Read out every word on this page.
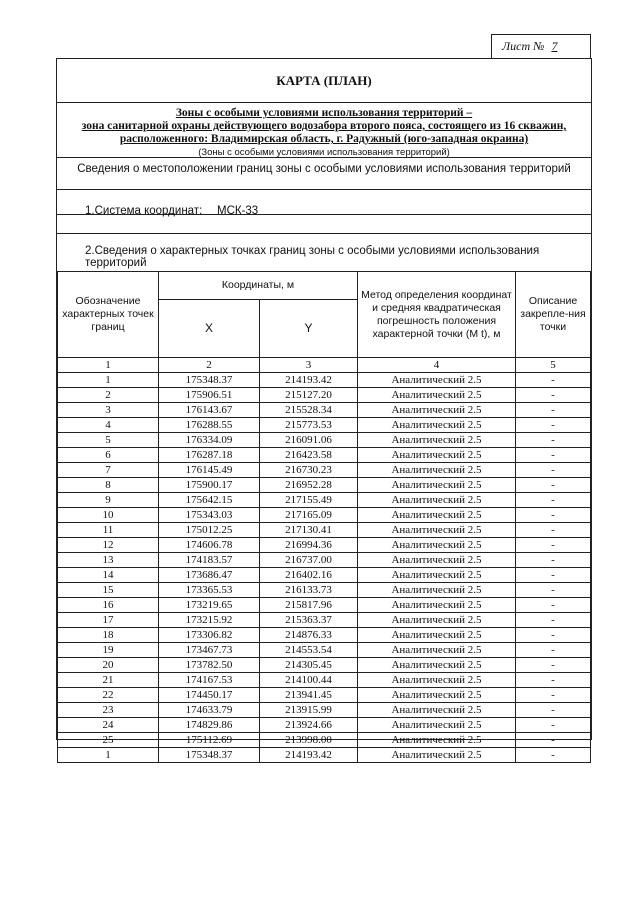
Лист № 7
КАРТА (ПЛАН)
Зоны с особыми условиями использования территорий –
зона санитарной охраны действующего водозабора второго пояса, состоящего из 16 скважин,
расположенного: Владимирская область, г. Радужный (юго-западная окраина)
(Зоны с особыми условиями использования территорий)
Сведения о местоположении границ зоны с особыми условиями использования территорий
1.Система координат: МСК-33
2.Сведения о характерных точках границ зоны с особыми условиями использования территорий
Обозначение характерных точек границ	Координаты, м		Метод определения координат и средняя квадратическая погрешность положения характерной точки (M t), м	Описание закрепле-ния точки
	X	Y		
1	2	3	4	5
1	175348.37	214193.42	Аналитический 2.5	-
2	175906.51	215127.20	Аналитический 2.5	-
3	176143.67	215528.34	Аналитический 2.5	-
4	176288.55	215773.53	Аналитический 2.5	-
5	176334.09	216091.06	Аналитический 2.5	-
6	176287.18	216423.58	Аналитический 2.5	-
7	176145.49	216730.23	Аналитический 2.5	-
8	175900.17	216952.28	Аналитический 2.5	-
9	175642.15	217155.49	Аналитический 2.5	-
10	175343.03	217165.09	Аналитический 2.5	-
11	175012.25	217130.41	Аналитический 2.5	-
12	174606.78	216994.36	Аналитический 2.5	-
13	174183.57	216737.00	Аналитический 2.5	-
14	173686.47	216402.16	Аналитический 2.5	-
15	173365.53	216133.73	Аналитический 2.5	-
16	173219.65	215817.96	Аналитический 2.5	-
17	173215.92	215363.37	Аналитический 2.5	-
18	173306.82	214876.33	Аналитический 2.5	-
19	173467.73	214553.54	Аналитический 2.5	-
20	173782.50	214305.45	Аналитический 2.5	-
21	174167.53	214100.44	Аналитический 2.5	-
22	174450.17	213941.45	Аналитический 2.5	-
23	174633.79	213915.99	Аналитический 2.5	-
24	174829.86	213924.66	Аналитический 2.5	-
25	175112.69	213998.00	Аналитический 2.5	-
1	175348.37	214193.42	Аналитический 2.5	-
